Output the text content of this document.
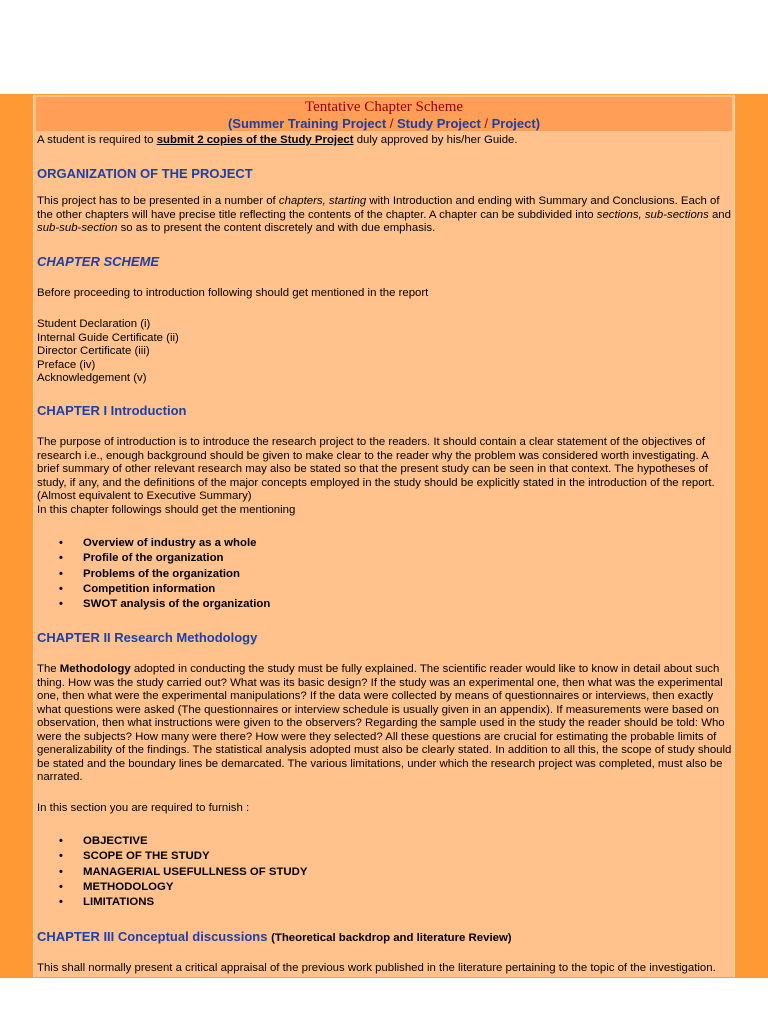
Tentative Chapter Scheme
(Summer Training Project / Study Project / Project)

A student is required to submit 2 copies of the Study Project duly approved by his/her Guide.

ORGANIZATION OF THE PROJECT

This project has to be presented in a number of chapters, starting with Introduction and ending with Summary and Conclusions. Each of the other chapters will have precise title reflecting the contents of the chapter. A chapter can be subdivided into sections, sub-sections and sub-sub-section so as to present the content discretely and with due emphasis.

CHAPTER SCHEME

Before proceeding to introduction following should get mentioned in the report

Student Declaration (i)
Internal Guide Certificate (ii)
Director Certificate (iii)
Preface (iv)
Acknowledgement (v)
CHAPTER I Introduction

The purpose of introduction is to introduce the research project to the readers. It should contain a clear statement of the objectives of research i.e., enough background should be given to make clear to the reader why the problem was considered worth investigating. A brief summary of other relevant research may also be stated so that the present study can be seen in that context. The hypotheses of study, if any, and the definitions of the major concepts employed in the study should be explicitly stated in the introduction of the report. (Almost equivalent to Executive Summary)

In this chapter followings should get the mentioning

• Overview of industry as a whole
• Profile of the organization
• Problems of the organization
• Competition information
• SWOT analysis of the organization
CHAPTER II Research Methodology

The Methodology adopted in conducting the study must be fully explained. The scientific reader would like to know in detail about such thing. How was the study carried out? What was its basic design? If the study was an experimental one, then what was the experimental one, then what were the experimental manipulations? If the data were collected by means of questionnaires or interviews, then exactly what questions were asked (The questionnaires or interview schedule is usually given in an appendix). If measurements were based on observation, then what instructions were given to the observers? Regarding the sample used in the study the reader should be told: Who were the subjects? How many were there? How were they selected? All these questions are crucial for estimating the probable limits of generalizability of the findings. The statistical analysis adopted must also be clearly stated. In addition to all this, the scope of study should be stated and the boundary lines be demarcated. The various limitations, under which the research project was completed, must also be narrated.

In this section you are required to furnish :

• OBJECTIVE
• SCOPE OF THE STUDY
• MANAGERIAL USEFULLNESS OF STUDY
• METHODOLOGY
• LIMITATIONS
CHAPTER III Conceptual discussions (Theoretical backdrop and literature Review)

This shall normally present a critical appraisal of the previous work published in the literature pertaining to the topic of the investigation.
